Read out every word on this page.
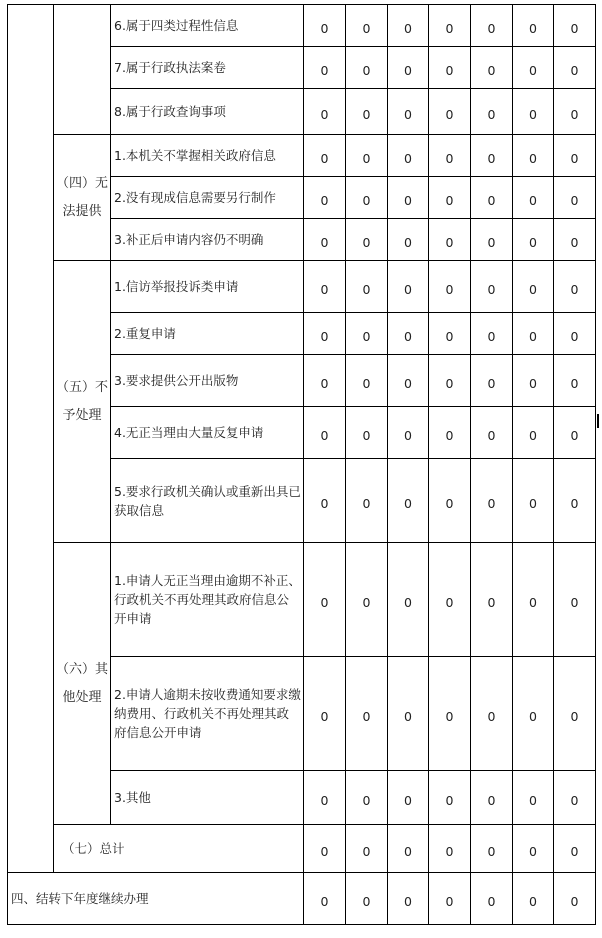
		6.属于四类过程性信息	0	0	0	0	0	0	0
		7.属于行政执法案卷	0	0	0	0	0	0	0
		8.属于行政查询事项	0	0	0	0	0	0	0
	（四）无法提供	1.本机关不掌握相关政府信息	0	0	0	0	0	0	0
		2.没有现成信息需要另行制作	0	0	0	0	0	0	0
		3.补正后申请内容仍不明确	0	0	0	0	0	0	0
	（五）不予处理	1.信访举报投诉类申请	0	0	0	0	0	0	0
		2.重复申请	0	0	0	0	0	0	0
		3.要求提供公开出版物	0	0	0	0	0	0	0
		4.无正当理由大量反复申请	0	0	0	0	0	0	0
		5.要求行政机关确认或重新出具已获取信息	0	0	0	0	0	0	0
	（六）其他处理	1.申请人无正当理由逾期不补正、行政机关不再处理其政府信息公开申请	0	0	0	0	0	0	0
		2.申请人逾期未按收费通知要求缴纳费用、行政机关不再处理其政府信息公开申请	0	0	0	0	0	0	0
		3.其他	0	0	0	0	0	0	0
	（七）总计		0	0	0	0	0	0	0
四、结转下年度继续办理			0	0	0	0	0	0	0
